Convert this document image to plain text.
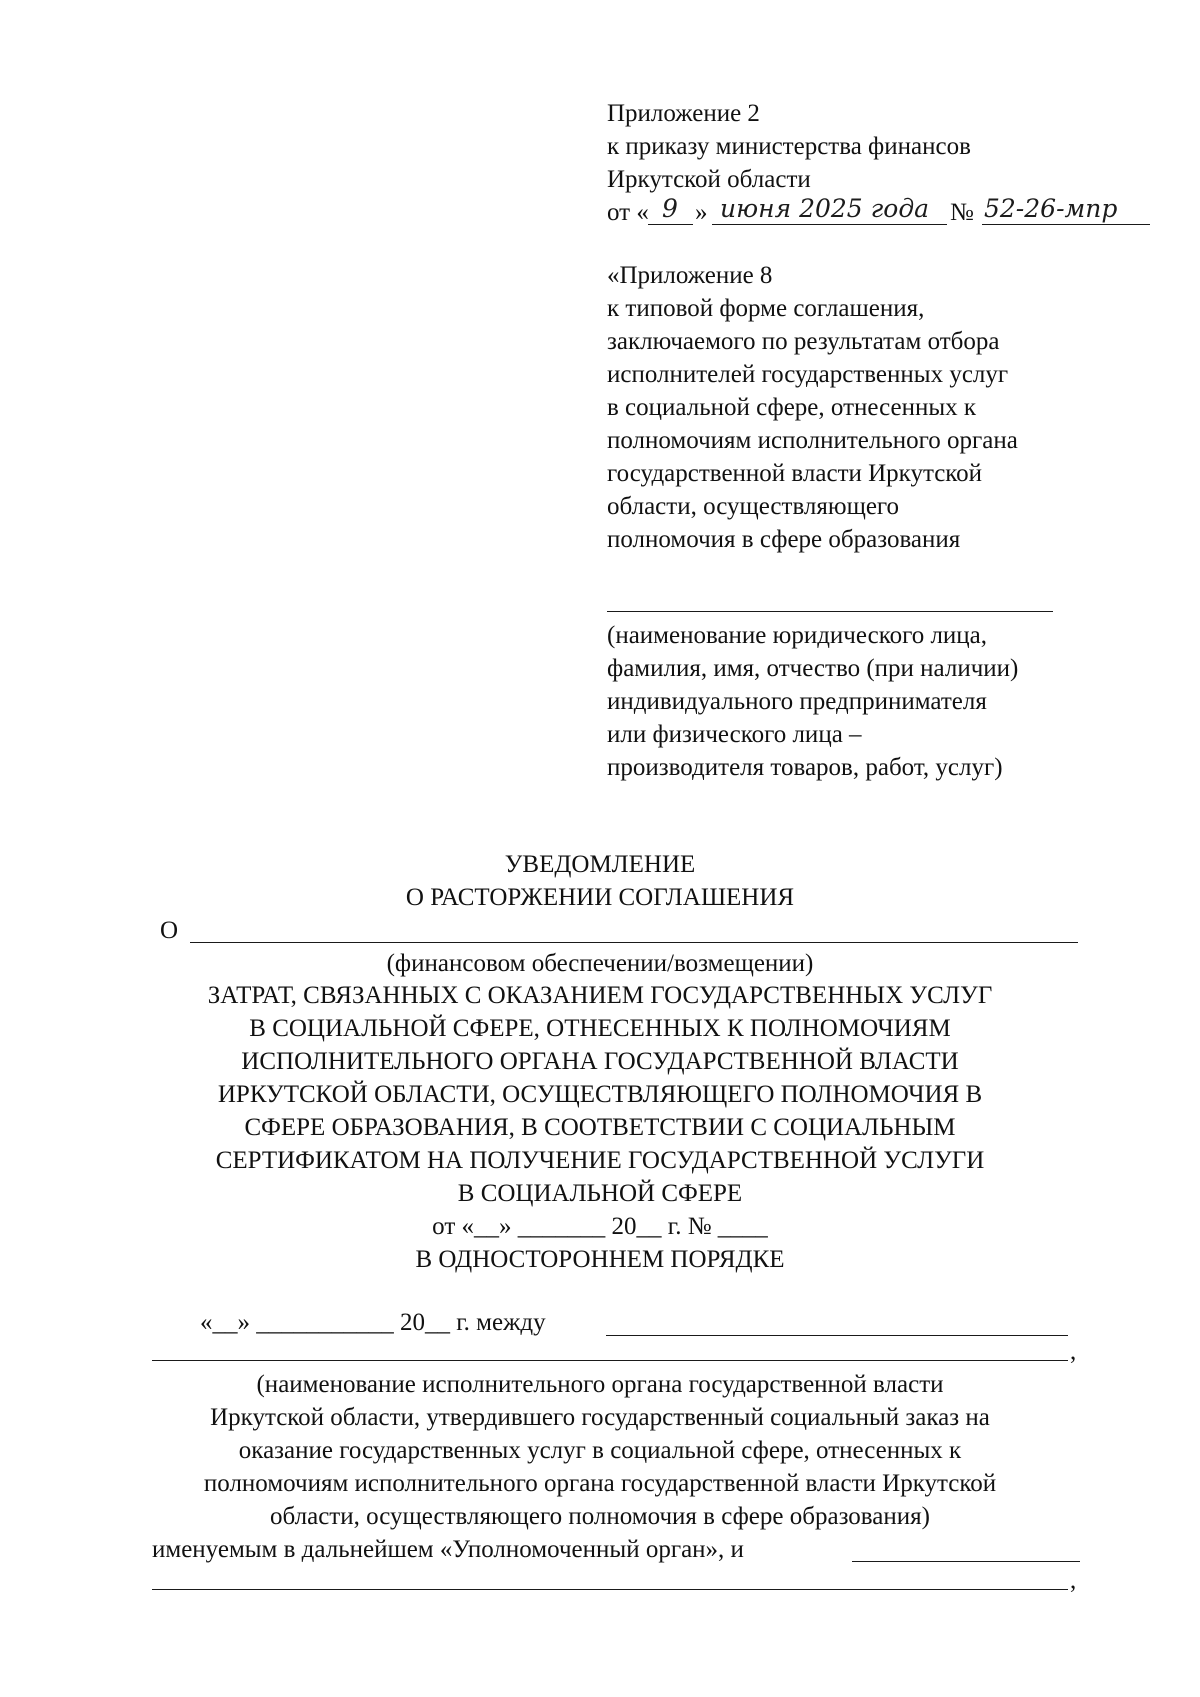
Приложение 2
к приказу министерства финансов
Иркутской области
от « 9 » июня 2025 года № 52-26-мпр
«Приложение 8
к типовой форме соглашения,
заключаемого по результатам отбора
исполнителей государственных услуг
в социальной сфере, отнесенных к
полномочиям исполнительного органа
государственной власти Иркутской
области, осуществляющего
полномочия в сфере образования
(наименование юридического лица,
фамилия, имя, отчество (при наличии)
индивидуального предпринимателя
или физического лица –
производителя товаров, работ, услуг)
УВЕДОМЛЕНИЕ
О РАСТОРЖЕНИИ СОГЛАШЕНИЯ
О
(финансовом обеспечении/возмещении)
ЗАТРАТ, СВЯЗАННЫХ С ОКАЗАНИЕМ ГОСУДАРСТВЕННЫХ УСЛУГ
В СОЦИАЛЬНОЙ СФЕРЕ, ОТНЕСЕННЫХ К ПОЛНОМОЧИЯМ
ИСПОЛНИТЕЛЬНОГО ОРГАНА ГОСУДАРСТВЕННОЙ ВЛАСТИ
ИРКУТСКОЙ ОБЛАСТИ, ОСУЩЕСТВЛЯЮЩЕГО ПОЛНОМОЧИЯ В
СФЕРЕ ОБРАЗОВАНИЯ, В СООТВЕТСТВИИ С СОЦИАЛЬНЫМ
СЕРТИФИКАТОМ НА ПОЛУЧЕНИЕ ГОСУДАРСТВЕННОЙ УСЛУГИ
В СОЦИАЛЬНОЙ СФЕРЕ
от «__» _______ 20__ г. № ____
В ОДНОСТОРОННЕМ ПОРЯДКЕ
«__» ___________ 20__ г. между
,
(наименование исполнительного органа государственной власти
Иркутской области, утвердившего государственный социальный заказ на
оказание государственных услуг в социальной сфере, отнесенных к
полномочиям исполнительного органа государственной власти Иркутской
области, осуществляющего полномочия в сфере образования)
именуемым в дальнейшем «Уполномоченный орган», и
,
